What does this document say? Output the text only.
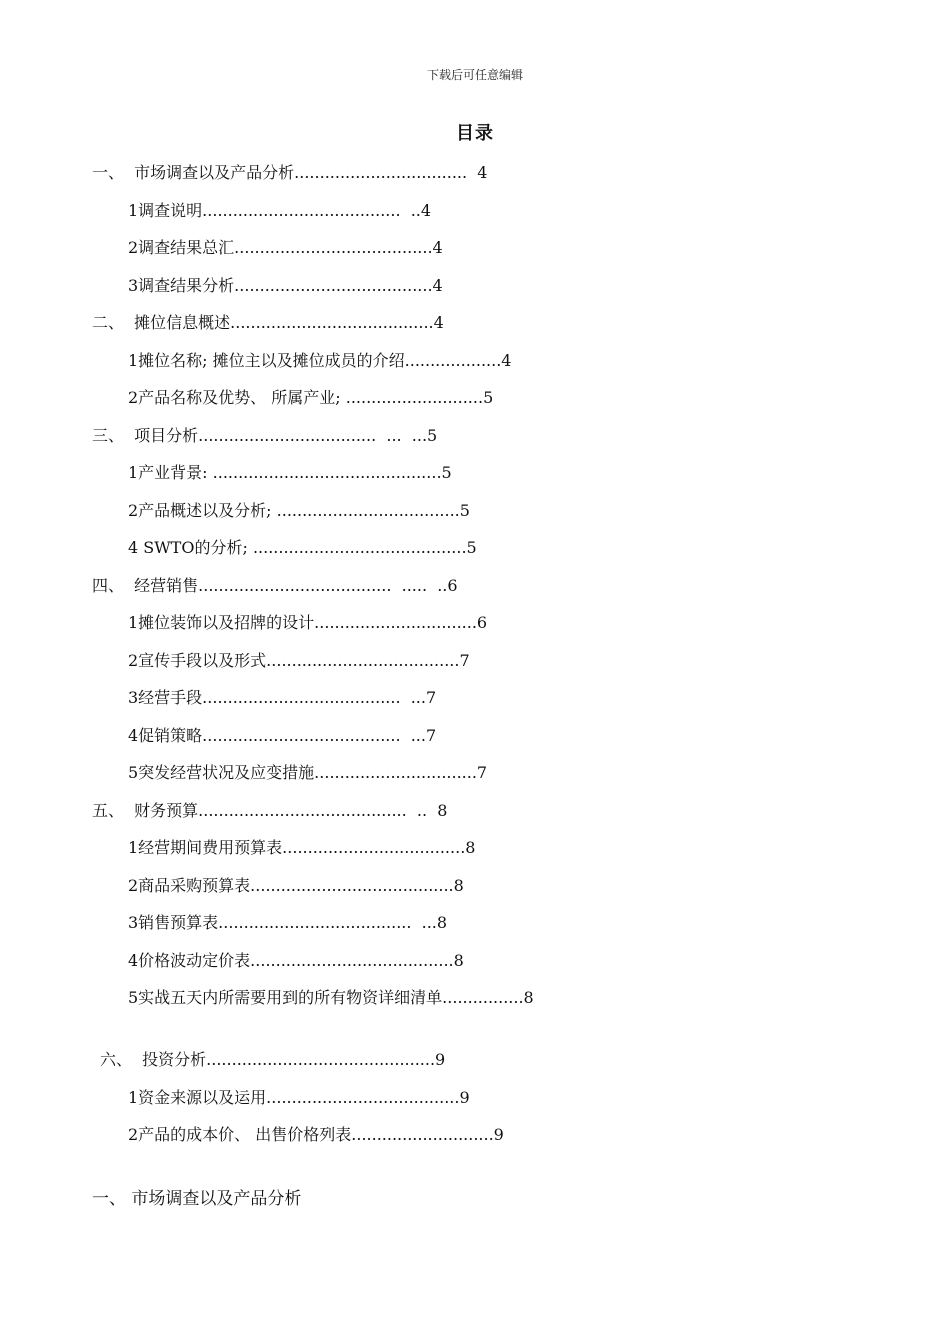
下载后可任意编辑
目录
一、  市场调查以及产品分析..................................  4
1调查说明.......................................  ..4
2调查结果总汇.......................................4
3调查结果分析.......................................4
二、  摊位信息概述........................................4
1摊位名称; 摊位主以及摊位成员的介绍...................4
2产品名称及优势、 所属产业; ...........................5
三、  项目分析...................................  ...  ...5
1产业背景: .............................................5
2产品概述以及分析; ....................................5
4 SWTO的分析; ..........................................5
四、  经营销售......................................  .....  ..6
1摊位装饰以及招牌的设计................................6
2宣传手段以及形式......................................7
3经营手段.......................................  ...7
4促销策略.......................................  ...7
5突发经营状况及应变措施................................7
五、  财务预算.........................................  ..  8
1经营期间费用预算表....................................8
2商品采购预算表........................................8
3销售预算表......................................  ...8
4价格波动定价表........................................8
5实战五天内所需要用到的所有物资详细清单................8
六、  投资分析.............................................9
1资金来源以及运用......................................9
2产品的成本价、 出售价格列表............................9
一、 市场调查以及产品分析
